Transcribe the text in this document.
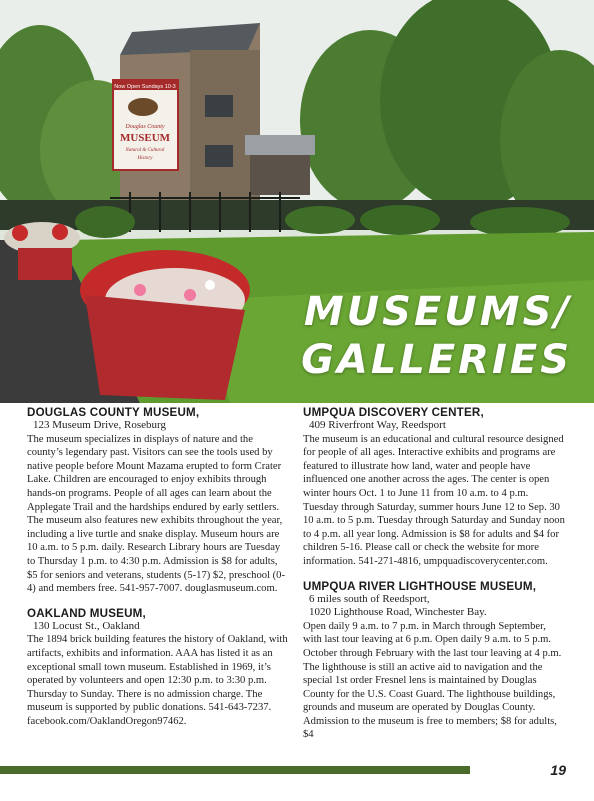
Now Open Sundays 10-3
Douglas County
MUSEUM
Natural & Cultural
History
MUSEUMS/
GALLERIES
DOUGLAS COUNTY MUSEUM,
123 Museum Drive, Roseburg

The museum specializes in displays of nature and the county’s legendary past. Visitors can see the tools used by native people before Mount Mazama erupted to form Crater Lake. Children are encouraged to enjoy exhibits through hands-on programs. People of all ages can learn about the Applegate Trail and the hardships endured by early settlers. The museum also features new exhibits throughout the year, including a live turtle and snake display. Museum hours are 10 a.m. to 5 p.m. daily. Research Library hours are Tuesday to Thursday 1 p.m. to 4:30 p.m. Admission is $8 for adults, $5 for seniors and veterans, students (5-17) $2, preschool (0-4) and members free. 541-957-7007. douglasmuseum.com.

OAKLAND MUSEUM,
130 Locust St., Oakland

The 1894 brick building features the history of Oakland, with artifacts, exhibits and information. AAA has listed it as an exceptional small town museum. Established in 1969, it’s operated by volunteers and open 12:30 p.m. to 3:30 p.m. Thursday to Sunday. There is no admission charge. The museum is supported by public donations. 541-643-7237. facebook.com/OaklandOregon97462.

UMPQUA DISCOVERY CENTER,
409 Riverfront Way, Reedsport

The museum is an educational and cultural resource designed for people of all ages. Interactive exhibits and programs are featured to illustrate how land, water and people have influenced one another across the ages. The center is open winter hours Oct. 1 to June 11 from 10 a.m. to 4 p.m. Tuesday through Saturday, summer hours June 12 to Sep. 30 10 a.m. to 5 p.m. Tuesday through Saturday and Sunday noon to 4 p.m. all year long. Admission is $8 for adults and $4 for children 5-16. Please call or check the website for more information. 541-271-4816, umpquadiscoverycenter.com.

UMPQUA RIVER LIGHTHOUSE MUSEUM,
6 miles south of Reedsport,
1020 Lighthouse Road, Winchester Bay.

Open daily 9 a.m. to 7 p.m. in March through September, with last tour leaving at 6 p.m. Open daily 9 a.m. to 5 p.m. October through February with the last tour leaving at 4 p.m. The lighthouse is still an active aid to navigation and the special 1st order Fresnel lens is maintained by Douglas County for the U.S. Coast Guard. The lighthouse buildings, grounds and museum are operated by Douglas County. Admission to the museum is free to members; $8 for adults, $4

19
